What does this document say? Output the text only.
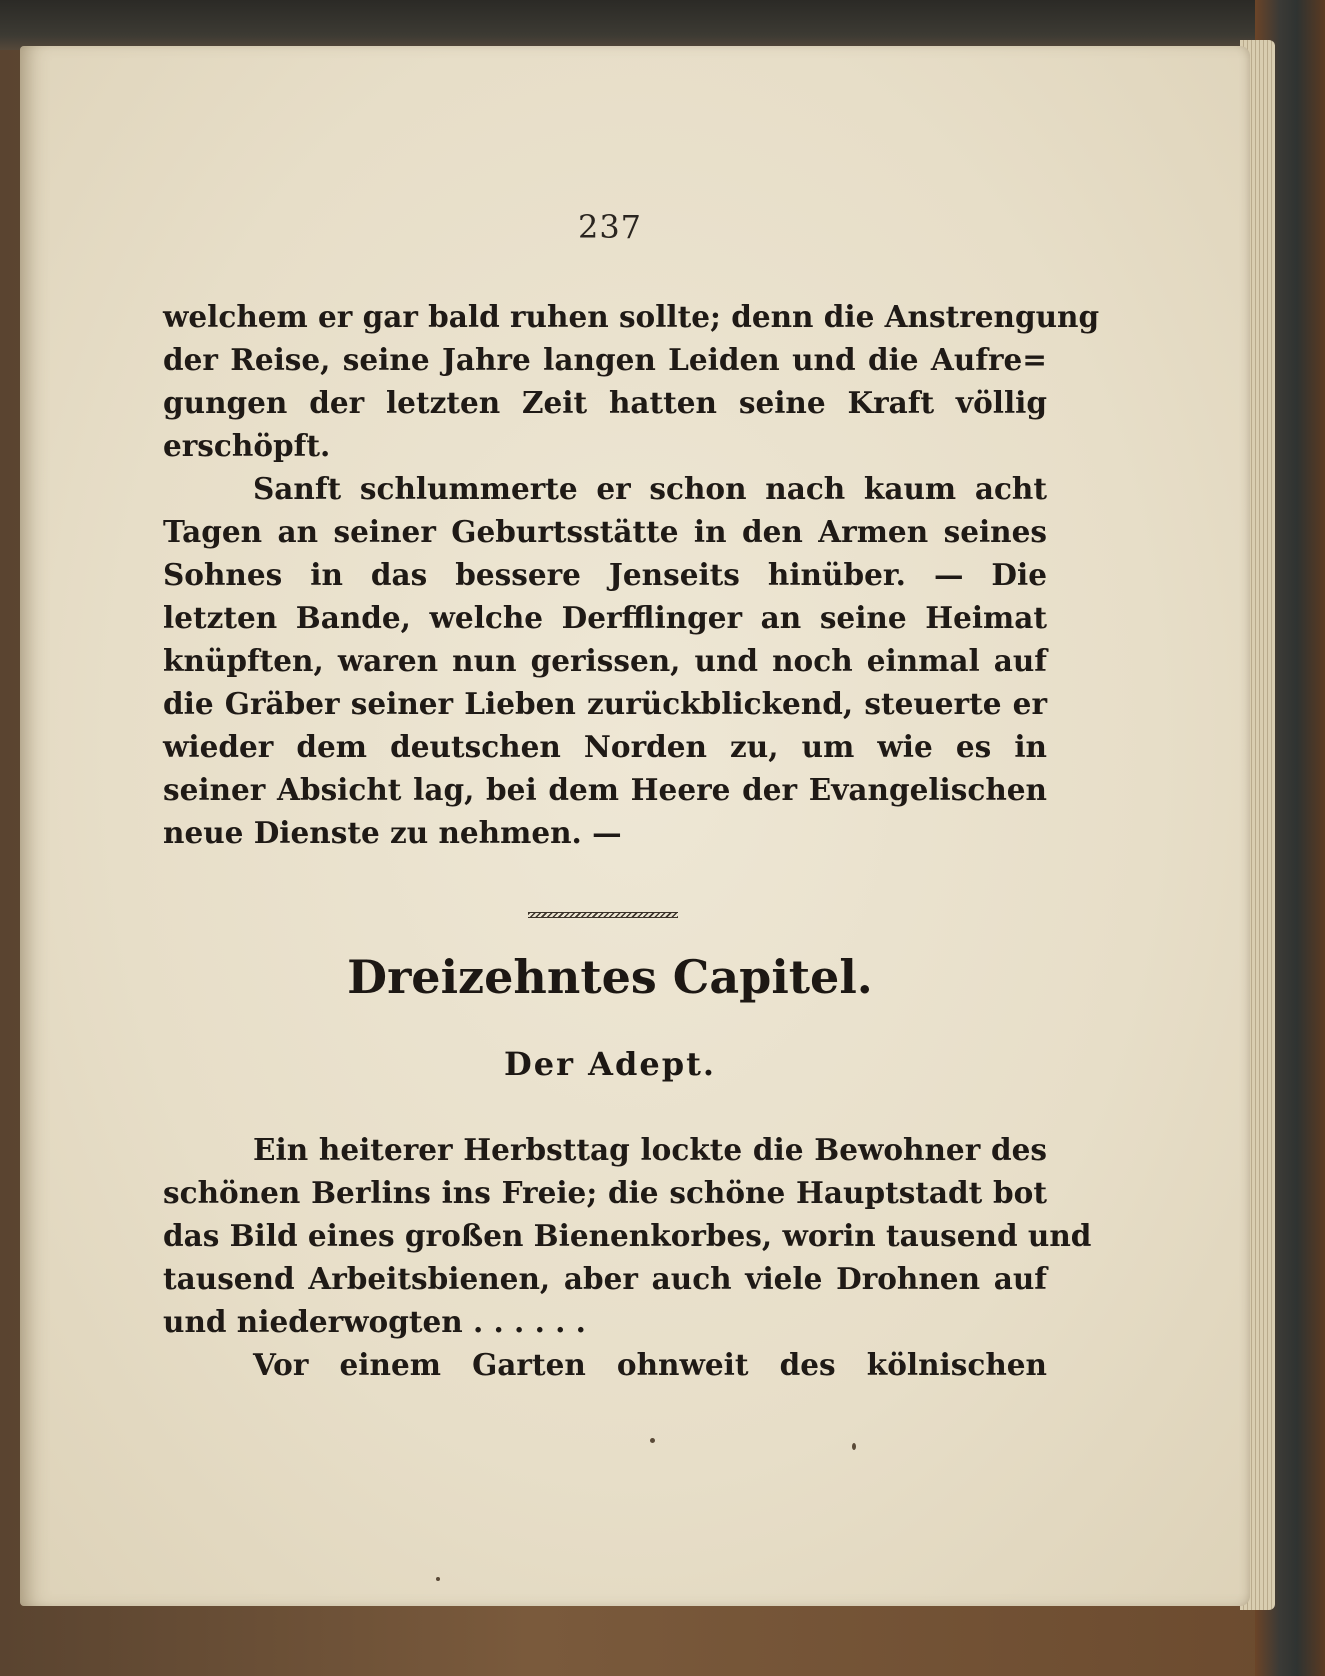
237
welchem er gar bald ruhen sollte; denn die Anstrengung
der Reise, seine Jahre langen Leiden und die Aufre=
gungen der letzten Zeit hatten seine Kraft völlig
erschöpft.
Sanft schlummerte er schon nach kaum acht
Tagen an seiner Geburtsstätte in den Armen seines
Sohnes in das bessere Jenseits hinüber. — Die
letzten Bande, welche Derfflinger an seine Heimat
knüpften, waren nun gerissen, und noch einmal auf
die Gräber seiner Lieben zurückblickend, steuerte er
wieder dem deutschen Norden zu, um wie es in
seiner Absicht lag, bei dem Heere der Evangelischen
neue Dienste zu nehmen. —
Dreizehntes Capitel.
Der Adept.
Ein heiterer Herbsttag lockte die Bewohner des
schönen Berlins ins Freie; die schöne Hauptstadt bot
das Bild eines großen Bienenkorbes, worin tausend und
tausend Arbeitsbienen, aber auch viele Drohnen auf
und niederwogten . . . . . .
Vor einem Garten ohnweit des kölnischen
